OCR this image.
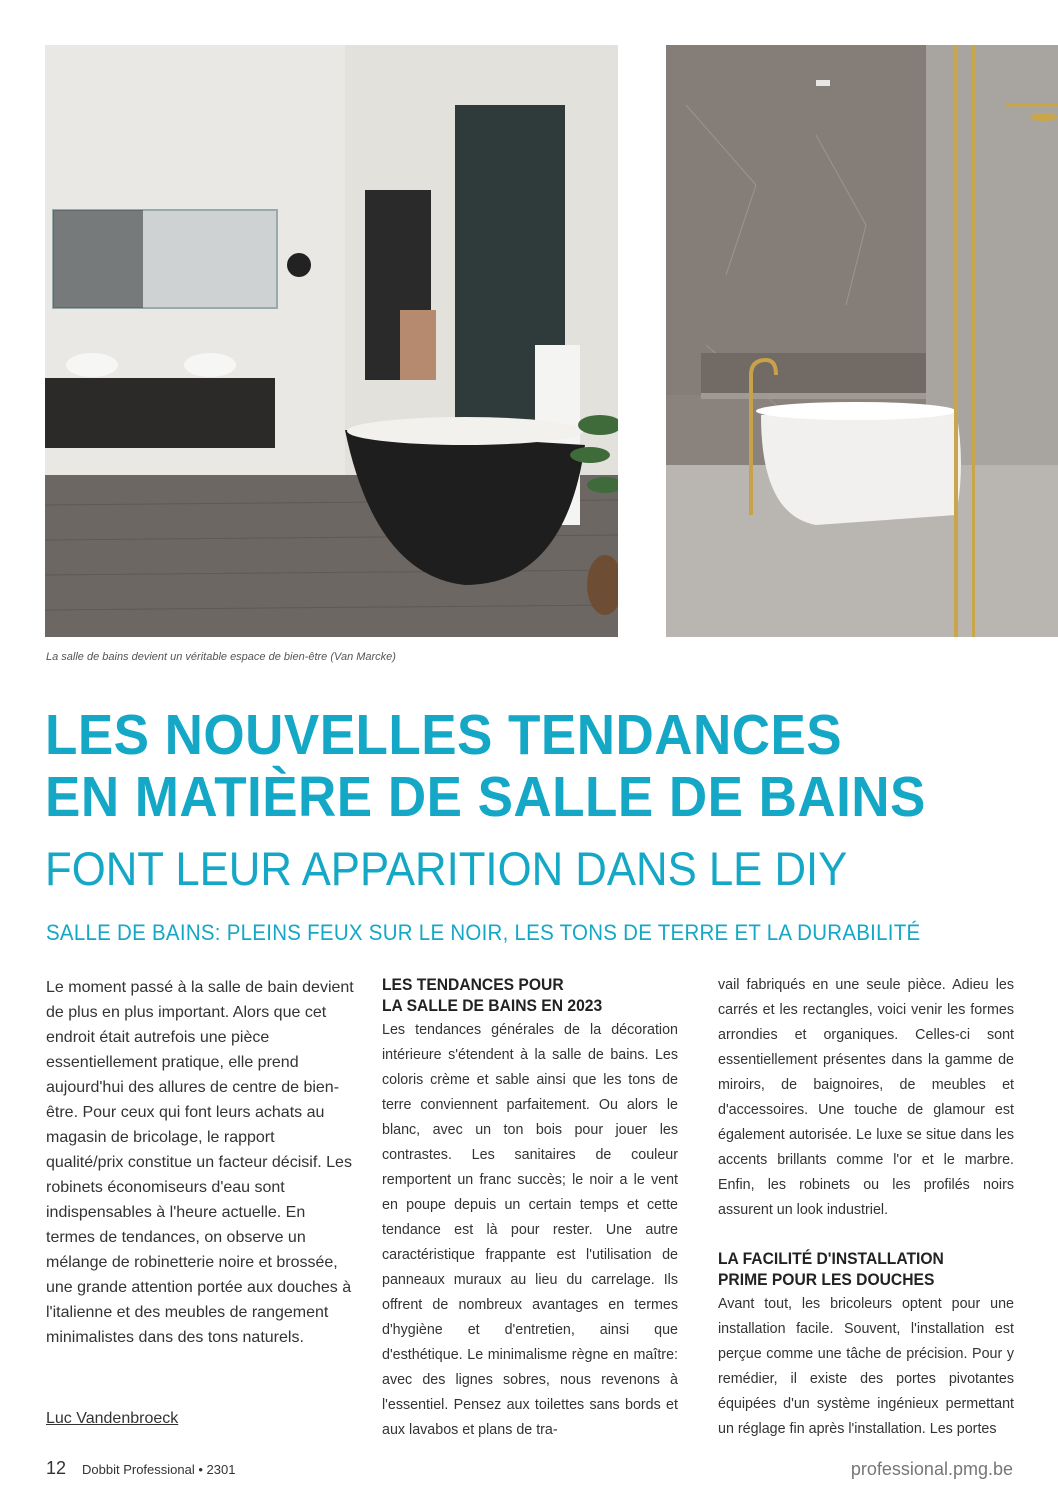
La salle de bains devient un véritable espace de bien-être (Van Marcke)
LES NOUVELLES TENDANCES
EN MATIÈRE DE SALLE DE BAINS
FONT LEUR APPARITION DANS LE DIY
SALLE DE BAINS: PLEINS FEUX SUR LE NOIR, LES TONS DE TERRE ET LA DURABILITÉ
Le moment passé à la salle de bain devient de plus en plus important. Alors que cet endroit était autrefois une pièce essentiellement pratique, elle prend aujourd'hui des allures de centre de bien-être. Pour ceux qui font leurs achats au magasin de bricolage, le rapport qualité/prix constitue un facteur décisif. Les robinets économiseurs d'eau sont indispensables à l'heure actuelle. En termes de tendances, on observe un mélange de robinetterie noire et brossée, une grande attention portée aux douches à l'italienne et des meubles de rangement minimalistes dans des tons naturels.
Luc Vandenbroeck
LES TENDANCES POUR
LA SALLE DE BAINS EN 2023
Les tendances générales de la décoration intérieure s'étendent à la salle de bains. Les coloris crème et sable ainsi que les tons de terre conviennent parfaitement. Ou alors le blanc, avec un ton bois pour jouer les contrastes. Les sanitaires de couleur remportent un franc succès; le noir a le vent en poupe depuis un certain temps et cette tendance est là pour rester. Une autre caractéristique frappante est l'utilisation de panneaux muraux au lieu du carrelage. Ils offrent de nombreux avantages en termes d'hygiène et d'entretien, ainsi que d'esthétique. Le minimalisme règne en maître: avec des lignes sobres, nous revenons à l'essentiel. Pensez aux toilettes sans bords et aux lavabos et plans de tra-
vail fabriqués en une seule pièce. Adieu les carrés et les rectangles, voici venir les formes arrondies et organiques. Celles-ci sont essentiellement présentes dans la gamme de miroirs, de baignoires, de meubles et d'accessoires. Une touche de glamour est également autorisée. Le luxe se situe dans les accents brillants comme l'or et le marbre. Enfin, les robinets ou les profilés noirs assurent un look industriel.
LA FACILITÉ D'INSTALLATION
PRIME POUR LES DOUCHES
Avant tout, les bricoleurs optent pour une installation facile. Souvent, l'installation est perçue comme une tâche de précision. Pour y remédier, il existe des portes pivotantes équipées d'un système ingénieux permettant un réglage fin après l'installation. Les portes
12 Dobbit Professional • 2301	professional.pmg.be
